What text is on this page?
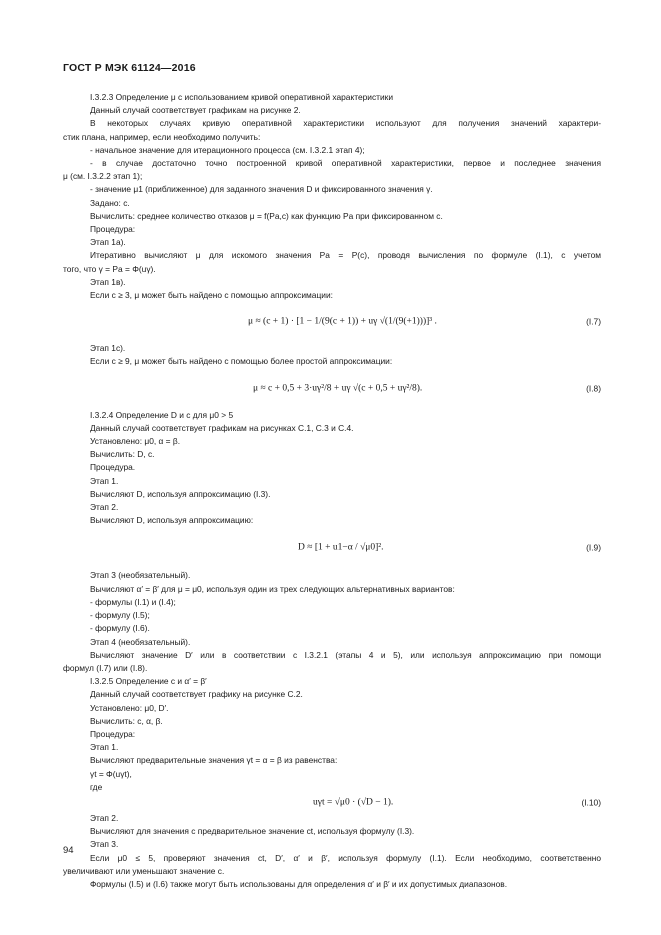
ГОСТ Р МЭК 61124—2016
I.3.2.3 Определение μ с использованием кривой оперативной характеристики
Данный случай соответствует графикам на рисунке 2.
В некоторых случаях кривую оперативной характеристики используют для получения значений характери-
стик плана, например, если необходимо получить:
- начальное значение для итерационного процесса (см. I.3.2.1 этап 4);
- в случае достаточно точно построенной кривой оперативной характеристики, первое и последнее значения
μ (см. I.3.2.2 этап 1);
- значение μ1 (приближенное) для заданного значения D и фиксированного значения γ.
Задано: с.
Вычислить: среднее количество отказов μ = f(Pa,c) как функцию Pa при фиксированном с.
Процедура:
Этап 1а).
Итеративно вычисляют μ для искомого значения Pa = P(c), проводя вычисления по формуле (I.1), с учетом
того, что γ = Pa = Φ(uγ).
Этап 1в).
Если с ≥ 3, μ может быть найдено с помощью аппроксимации:
μ ≈ (c + 1) · [1 − 1/(9(c + 1)) + uγ √(1/(9(+1)))]³ .	(I.7)
Этап 1с).
Если с ≥ 9, μ может быть найдено с помощью более простой аппроксимации:
μ ≈ c + 0,5 + 3·uγ²/8 + uγ √(c + 0,5 + uγ²/8).	(I.8)
I.3.2.4 Определение D и с для μ0 > 5
Данный случай соответствует графикам на рисунках С.1, С.3 и С.4.
Установлено: μ0, α = β.
Вычислить: D, с.
Процедура.
Этап 1.
Вычисляют D, используя аппроксимацию (I.3).
Этап 2.
Вычисляют D, используя аппроксимацию:
D ≈ [1 + u1−α / √μ0]².	(I.9)
Этап 3 (необязательный).
Вычисляют α′ = β′ для μ = μ0, используя один из трех следующих альтернативных вариантов:
- формулы (I.1) и (I.4);
- формулу (I.5);
- формулу (I.6).
Этап 4 (необязательный).
Вычисляют значение D′ или в соответствии с I.3.2.1 (этапы 4 и 5), или используя аппроксимацию при помощи
формул (I.7) или (I.8).
I.3.2.5 Определение с и α′ = β′
Данный случай соответствует графику на рисунке С.2.
Установлено: μ0, D′.
Вычислить: с, α, β.
Процедура:
Этап 1.
Вычисляют предварительные значения γt = α = β из равенства:
γt = Φ(uγt),
где
uγt = √μ0 · (√D − 1).	(I.10)
Этап 2.
Вычисляют для значения с предварительное значение ct, используя формулу (I.3).
Этап 3.
Если μ0 ≤ 5, проверяют значения ct, D′, α′ и β′, используя формулу (I.1). Если необходимо, соответственно
увеличивают или уменьшают значение с.
Формулы (I.5) и (I.6) также могут быть использованы для определения α′ и β′ и их допустимых диапазонов.
94
